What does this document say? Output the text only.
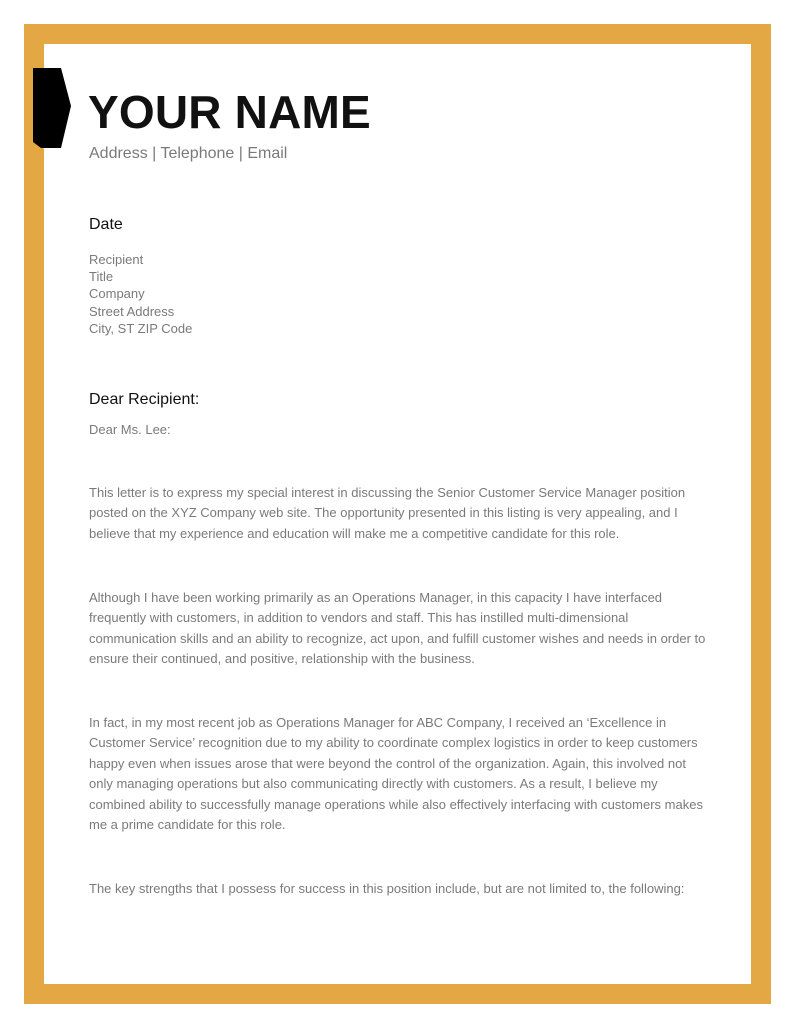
YOUR NAME
Address | Telephone | Email
Date
Recipient
Title
Company
Street Address
City, ST ZIP Code
Dear Recipient:

Dear Ms. Lee:

This letter is to express my special interest in discussing the Senior Customer Service Manager position posted on the XYZ Company web site. The opportunity presented in this listing is very appealing, and I believe that my experience and education will make me a competitive candidate for this role.

Although I have been working primarily as an Operations Manager, in this capacity I have interfaced frequently with customers, in addition to vendors and staff. This has instilled multi-dimensional communication skills and an ability to recognize, act upon, and fulfill customer wishes and needs in order to ensure their continued, and positive, relationship with the business.

In fact, in my most recent job as Operations Manager for ABC Company, I received an ‘Excellence in Customer Service’ recognition due to my ability to coordinate complex logistics in order to keep customers happy even when issues arose that were beyond the control of the organization. Again, this involved not only managing operations but also communicating directly with customers. As a result, I believe my combined ability to successfully manage operations while also effectively interfacing with customers makes me a prime candidate for this role.

The key strengths that I possess for success in this position include, but are not limited to, the following:
